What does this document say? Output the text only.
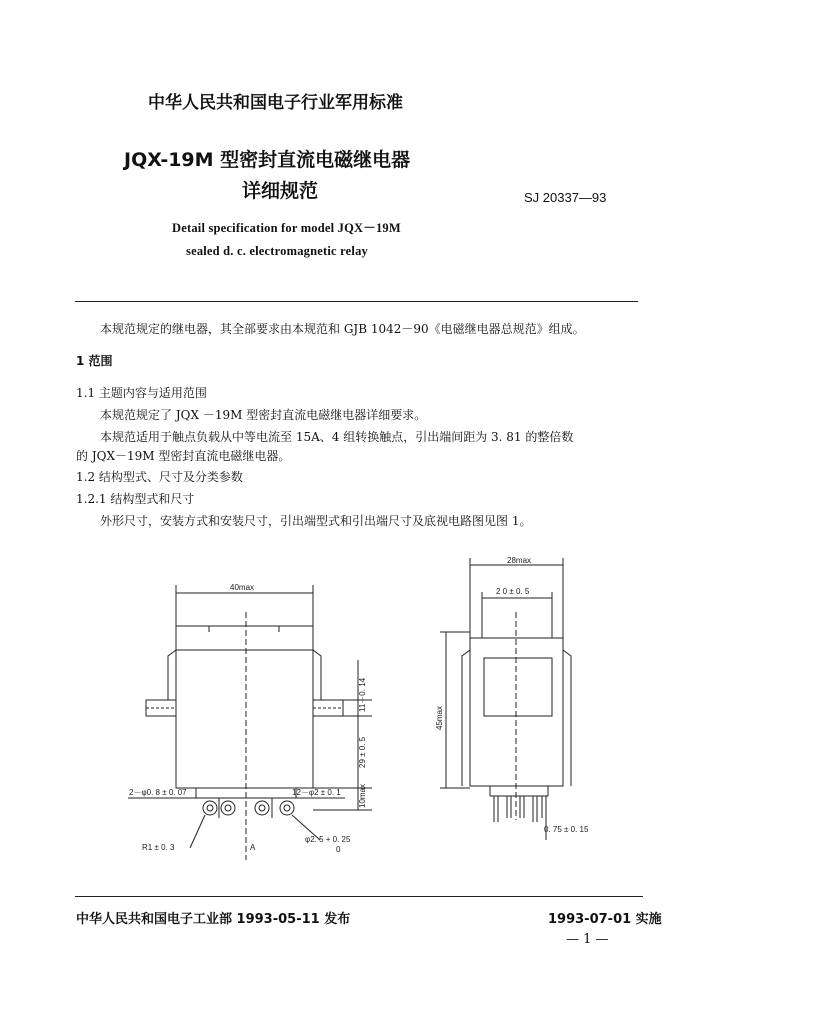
中华人民共和国电子行业军用标准
JQX-19M 型密封直流电磁继电器
详细规范	SJ 20337—93
Detail specification for model JQX－19M
sealed d. c. electromagnetic relay
本规范规定的继电器，其全部要求由本规范和 GJB 1042－90《电磁继电器总规范》组成。
1 范围
1.1 主题内容与适用范围
本规范规定了 JQX －19M 型密封直流电磁继电器详细要求。
本规范适用于触点负载从中等电流至 15A、4 组转换触点，引出端间距为 3. 81 的整倍数
的 JQX－19M 型密封直流电磁继电器。
1.2 结构型式、尺寸及分类参数
1.2.1 结构型式和尺寸
外形尺寸，安装方式和安装尺寸，引出端型式和引出端尺寸及底视电路图见图 1。
40max
28max
2 0 ± 0. 5
2－φ0. 8 ± 0. 07	12－φ2 ± 0. 1
R1 ± 0. 3	A
φ2. 5 + 0. 25
0
0. 75 ± 0. 15
11－0. 14
29 ± 0. 5
10max
45max
中华人民共和国电子工业部 1993-05-11 发布	1993-07-01 实施
— 1 —
